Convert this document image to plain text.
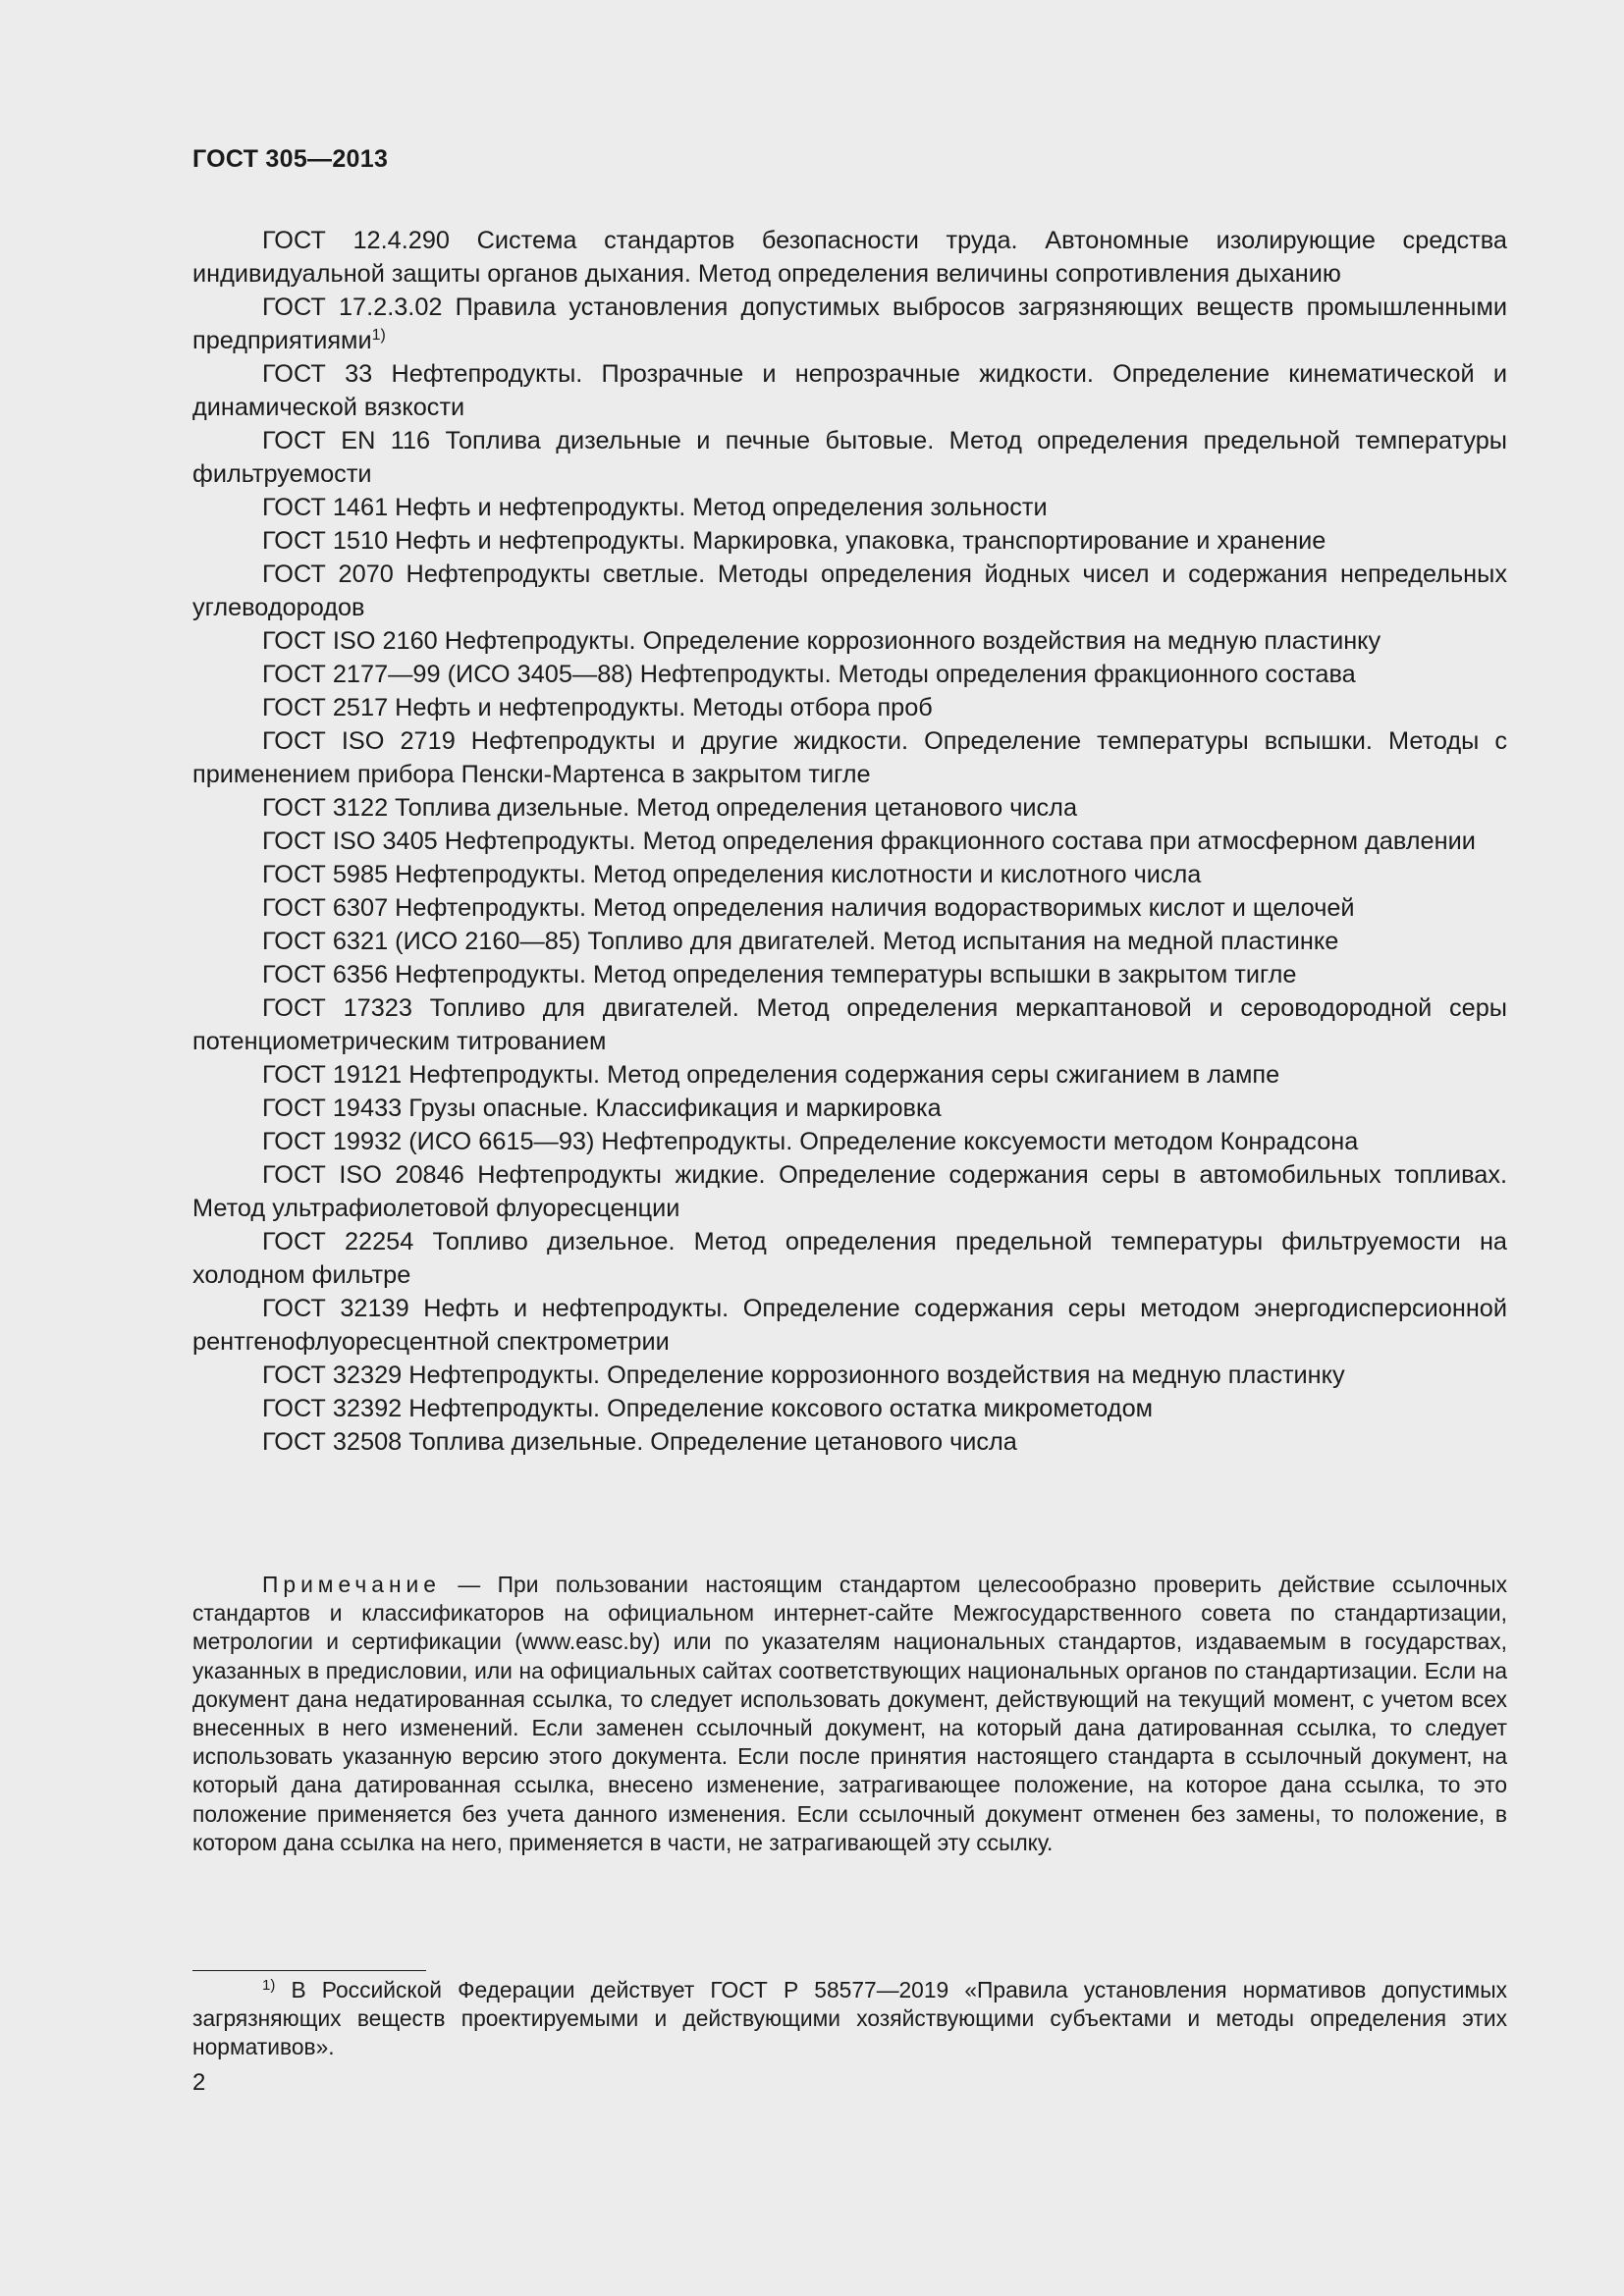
ГОСТ 305—2013

ГОСТ 12.4.290 Система стандартов безопасности труда. Автономные изолирующие средства индивидуальной защиты органов дыхания. Метод определения величины сопротивления дыханию

ГОСТ 17.2.3.02 Правила установления допустимых выбросов загрязняющих веществ промышленными предприятиями$^{1)}$

ГОСТ 33 Нефтепродукты. Прозрачные и непрозрачные жидкости. Определение кинематической и динамической вязкости

ГОСТ EN 116 Топлива дизельные и печные бытовые. Метод определения предельной температуры фильтруемости

ГОСТ 1461 Нефть и нефтепродукты. Метод определения зольности

ГОСТ 1510 Нефть и нефтепродукты. Маркировка, упаковка, транспортирование и хранение

ГОСТ 2070 Нефтепродукты светлые. Методы определения йодных чисел и содержания непредельных углеводородов

ГОСТ ISO 2160 Нефтепродукты. Определение коррозионного воздействия на медную пластинку

ГОСТ 2177—99 (ИСО 3405—88) Нефтепродукты. Методы определения фракционного состава

ГОСТ 2517 Нефть и нефтепродукты. Методы отбора проб

ГОСТ ISO 2719 Нефтепродукты и другие жидкости. Определение температуры вспышки. Методы с применением прибора Пенски-Мартенса в закрытом тигле

ГОСТ 3122 Топлива дизельные. Метод определения цетанового числа

ГОСТ ISO 3405 Нефтепродукты. Метод определения фракционного состава при атмосферном давлении

ГОСТ 5985 Нефтепродукты. Метод определения кислотности и кислотного числа

ГОСТ 6307 Нефтепродукты. Метод определения наличия водорастворимых кислот и щелочей

ГОСТ 6321 (ИСО 2160—85) Топливо для двигателей. Метод испытания на медной пластинке

ГОСТ 6356 Нефтепродукты. Метод определения температуры вспышки в закрытом тигле

ГОСТ 17323 Топливо для двигателей. Метод определения меркаптановой и сероводородной серы потенциометрическим титрованием

ГОСТ 19121 Нефтепродукты. Метод определения содержания серы сжиганием в лампе

ГОСТ 19433 Грузы опасные. Классификация и маркировка

ГОСТ 19932 (ИСО 6615—93) Нефтепродукты. Определение коксуемости методом Конрадсона

ГОСТ ISO 20846 Нефтепродукты жидкие. Определение содержания серы в автомобильных топливах. Метод ультрафиолетовой флуоресценции

ГОСТ 22254 Топливо дизельное. Метод определения предельной температуры фильтруемости на холодном фильтре

ГОСТ 32139 Нефть и нефтепродукты. Определение содержания серы методом энергодисперсионной рентгенофлуоресцентной спектрометрии

ГОСТ 32329 Нефтепродукты. Определение коррозионного воздействия на медную пластинку

ГОСТ 32392 Нефтепродукты. Определение коксового остатка микрометодом

ГОСТ 32508 Топлива дизельные. Определение цетанового числа

Примечание — При пользовании настоящим стандартом целесообразно проверить действие ссылочных стандартов и классификаторов на официальном интернет-сайте Межгосударственного совета по стандартизации, метрологии и сертификации (www.easc.by) или по указателям национальных стандартов, издаваемым в государствах, указанных в предисловии, или на официальных сайтах соответствующих национальных органов по стандартизации. Если на документ дана недатированная ссылка, то следует использовать документ, действующий на текущий момент, с учетом всех внесенных в него изменений. Если заменен ссылочный документ, на который дана датированная ссылка, то следует использовать указанную версию этого документа. Если после принятия настоящего стандарта в ссылочный документ, на который дана датированная ссылка, внесено изменение, затрагивающее положение, на которое дана ссылка, то это положение применяется без учета данного изменения. Если ссылочный документ отменен без замены, то положение, в котором дана ссылка на него, применяется в части, не затрагивающей эту ссылку.

$^{1)}$ В Российской Федерации действует ГОСТ Р 58577—2019 «Правила установления нормативов допустимых загрязняющих веществ проектируемыми и действующими хозяйствующими субъектами и методы определения этих нормативов».

2
